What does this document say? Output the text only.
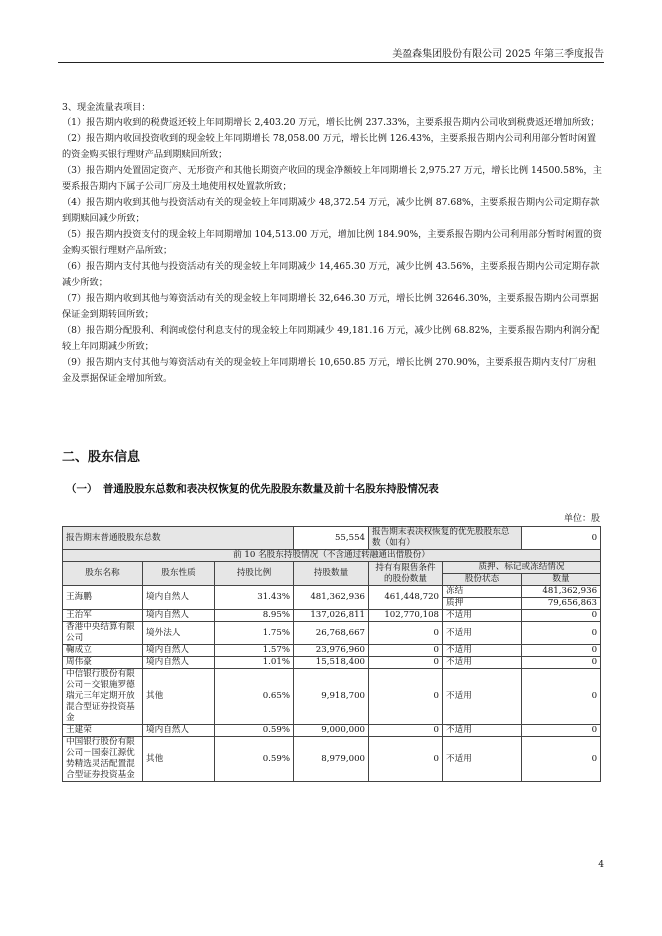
美盈森集团股份有限公司 2025 年第三季度报告
3、现金流量表项目：
（1）报告期内收到的税费返还较上年同期增长 2,403.20 万元，增长比例 237.33%，主要系报告期内公司收到税费返还增加所致；
（2）报告期内收回投资收到的现金较上年同期增长 78,058.00 万元，增长比例 126.43%，主要系报告期内公司利用部分暂时闲置的资金购买银行理财产品到期赎回所致；
（3）报告期内处置固定资产、无形资产和其他长期资产收回的现金净额较上年同期增长 2,975.27 万元，增长比例 14500.58%，主要系报告期内下属子公司厂房及土地使用权处置款所致；
（4）报告期内收到其他与投资活动有关的现金较上年同期减少 48,372.54 万元，减少比例 87.68%，主要系报告期内公司定期存款到期赎回减少所致；
（5）报告期内投资支付的现金较上年同期增加 104,513.00 万元，增加比例 184.90%，主要系报告期内公司利用部分暂时闲置的资金购买银行理财产品所致；
（6）报告期内支付其他与投资活动有关的现金较上年同期减少 14,465.30 万元，减少比例 43.56%，主要系报告期内公司定期存款减少所致；
（7）报告期内收到其他与筹资活动有关的现金较上年同期增长 32,646.30 万元，增长比例 32646.30%，主要系报告期内公司票据保证金到期转回所致；
（8）报告期分配股利、利润或偿付利息支付的现金较上年同期减少 49,181.16 万元，减少比例 68.82%，主要系报告期内利润分配较上年同期减少所致；
（9）报告期内支付其他与筹资活动有关的现金较上年同期增长 10,650.85 万元，增长比例 270.90%，主要系报告期内支付厂房租金及票据保证金增加所致。
二、股东信息
（一）　普通股股东总数和表决权恢复的优先股股东数量及前十名股东持股情况表
单位：股
报告期末普通股股东总数			55,554	报告期末表决权恢复的优先股股东总数（如有）		0
前 10 名股东持股情况（不含通过转融通出借股份）						
股东名称	股东性质	持股比例	持股数量	持有有限售条件的股份数量	质押、标记或冻结情况	
					股份状态	数量
王海鹏	境内自然人	31.43%	481,362,936	461,448,720	冻结	481,362,936
					质押	79,656,863
王治军	境内自然人	8.95%	137,026,811	102,770,108	不适用	0
香港中央结算有限公司	境外法人	1.75%	26,768,667	0	不适用	0
鞠成立	境内自然人	1.57%	23,976,960	0	不适用	0
周伟豪	境内自然人	1.01%	15,518,400	0	不适用	0
中信银行股份有限公司－交银施罗德瑞元三年定期开放混合型证券投资基金	其他	0.65%	9,918,700	0	不适用	0
王建荣	境内自然人	0.59%	9,000,000	0	不适用	0
中国银行股份有限公司－国泰江源优势精选灵活配置混合型证券投资基金	其他	0.59%	8,979,000	0	不适用	0
4
